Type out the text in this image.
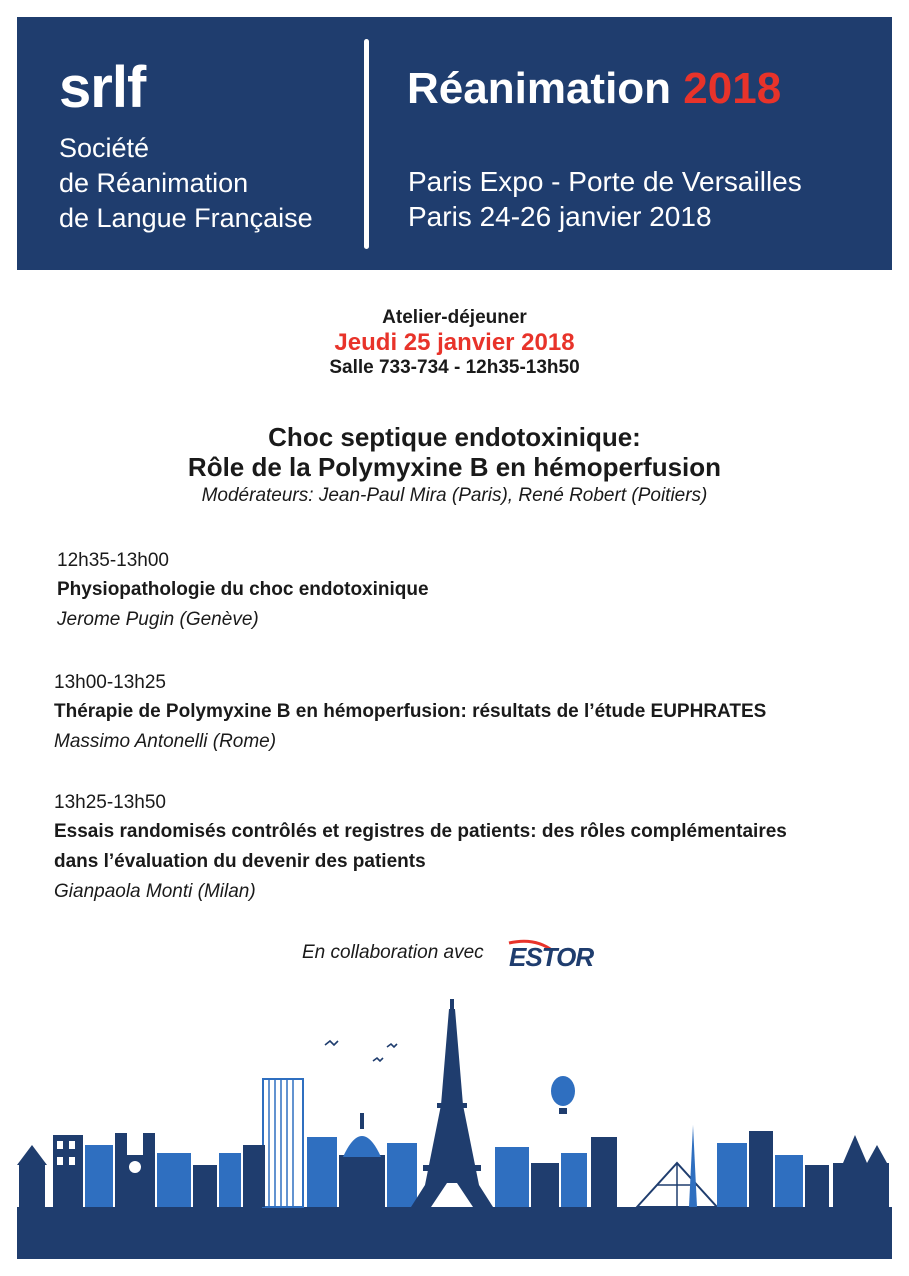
srlf
Société
de Réanimation
de Langue Française
Réanimation 2018
Paris Expo - Porte de Versailles
Paris 24-26 janvier 2018
Atelier-déjeuner
Jeudi 25 janvier 2018
Salle 733-734 - 12h35-13h50
Choc septique endotoxinique:
Rôle de la Polymyxine B en hémoperfusion
Modérateurs: Jean-Paul Mira (Paris), René Robert (Poitiers)
12h35-13h00
Physiopathologie du choc endotoxinique
Jerome Pugin (Genève)
13h00-13h25
Thérapie de Polymyxine B en hémoperfusion: résultats de l’étude EUPHRATES
Massimo Antonelli (Rome)
13h25-13h50
Essais randomisés contrôlés et registres de patients: des rôles complémentaires
dans l’évaluation du devenir des patients
Gianpaola Monti (Milan)
En collaboration avec ESTOR
